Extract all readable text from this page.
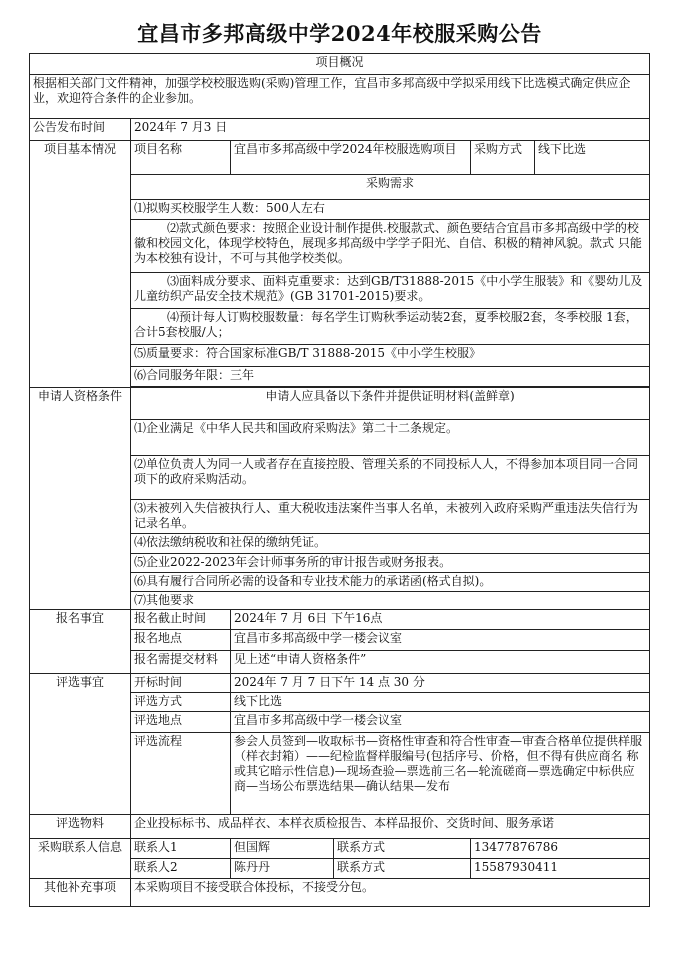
宜昌市多邦高级中学2024年校服采购公告
项目概况					
根据相关部门文件精神，加强学校校服选购(采购)管理工作，宜昌市多邦高级中学拟采用线下比选模式确定供应企业，欢迎符合条件的企业参加。					
公告发布时间	2024年 7 月3 日				
项目基本情况	项目名称	宜昌市多邦高级中学2024年校服选购项目		采购方式	线下比选
	采购需求				
	⑴拟购买校服学生人数：500人左右				
	⑵款式颜色要求：按照企业设计制作提供.校服款式、颜色要结合宜昌市多邦高级中学的校徽和校园文化，体现学校特色，展现多邦高级中学学子阳光、自信、积极的精神风貌。款式 只能为本校独有设计，不可与其他学校类似。				
	⑶面料成分要求、面料克重要求：达到GB/T31888-2015《中小学生服装》和《婴幼儿及儿童纺织产品安全技术规范》(GB 31701-2015)要求。				
	⑷预计每人订购校服数量：每名学生订购秋季运动装2套，夏季校服2套，冬季校服 1套，合计5套校服/人；				
	⑸质量要求：符合国家标准GB/T 31888-2015《中小学生校服》				
	⑹合同服务年限：三年				

申请人资格条件	申请人应具备以下条件并提供证明材料(盖鲜章)				
	⑴企业满足《中华人民共和国政府采购法》第二十二条规定。				
	⑵单位负责人为同一人或者存在直接控股、管理关系的不同投标人人，不得参加本项目同一合同项下的政府采购活动。				
	⑶未被列入失信被执行人、重大税收违法案件当事人名单，未被列入政府采购严重违法失信行为记录名单。				
	⑷依法缴纳税收和社保的缴纳凭证。				
	⑸企业2022-2023年会计师事务所的审计报告或财务报表。				
	⑹具有履行合同所必需的设备和专业技术能力的承诺函(格式自拟)。				
	⑺其他要求				
报名事宜	报名截止时间	2024年 7 月 6日 下午16点			
	报名地点	宜昌市多邦高级中学一楼会议室			
	报名需提交材料	见上述“申请人资格条件”			
评选事宜	开标时间	2024年 7 月 7 日下午 14 点 30 分			
	评选方式	线下比选			
	评选地点	宜昌市多邦高级中学一楼会议室			
	评选流程	参会人员签到—收取标书—资格性审查和符合性审查—审查合格单位提供样服（样衣封箱）——纪检监督样服编号(包括序号、价格，但不得有供应商名 称或其它暗示性信息)—现场查验—票选前三名—轮流磋商—票选确定中标供应商—当场公布票选结果—确认结果—发布			
评选物料	企业投标标书、成品样衣、本样衣质检报告、本样品报价、交货时间、服务承诺				
采购联系人信息	联系人1	但国辉	联系方式	13477876786	
	联系人2	陈丹丹	联系方式	15587930411	
其他补充事项	本采购项目不接受联合体投标，不接受分包。				
